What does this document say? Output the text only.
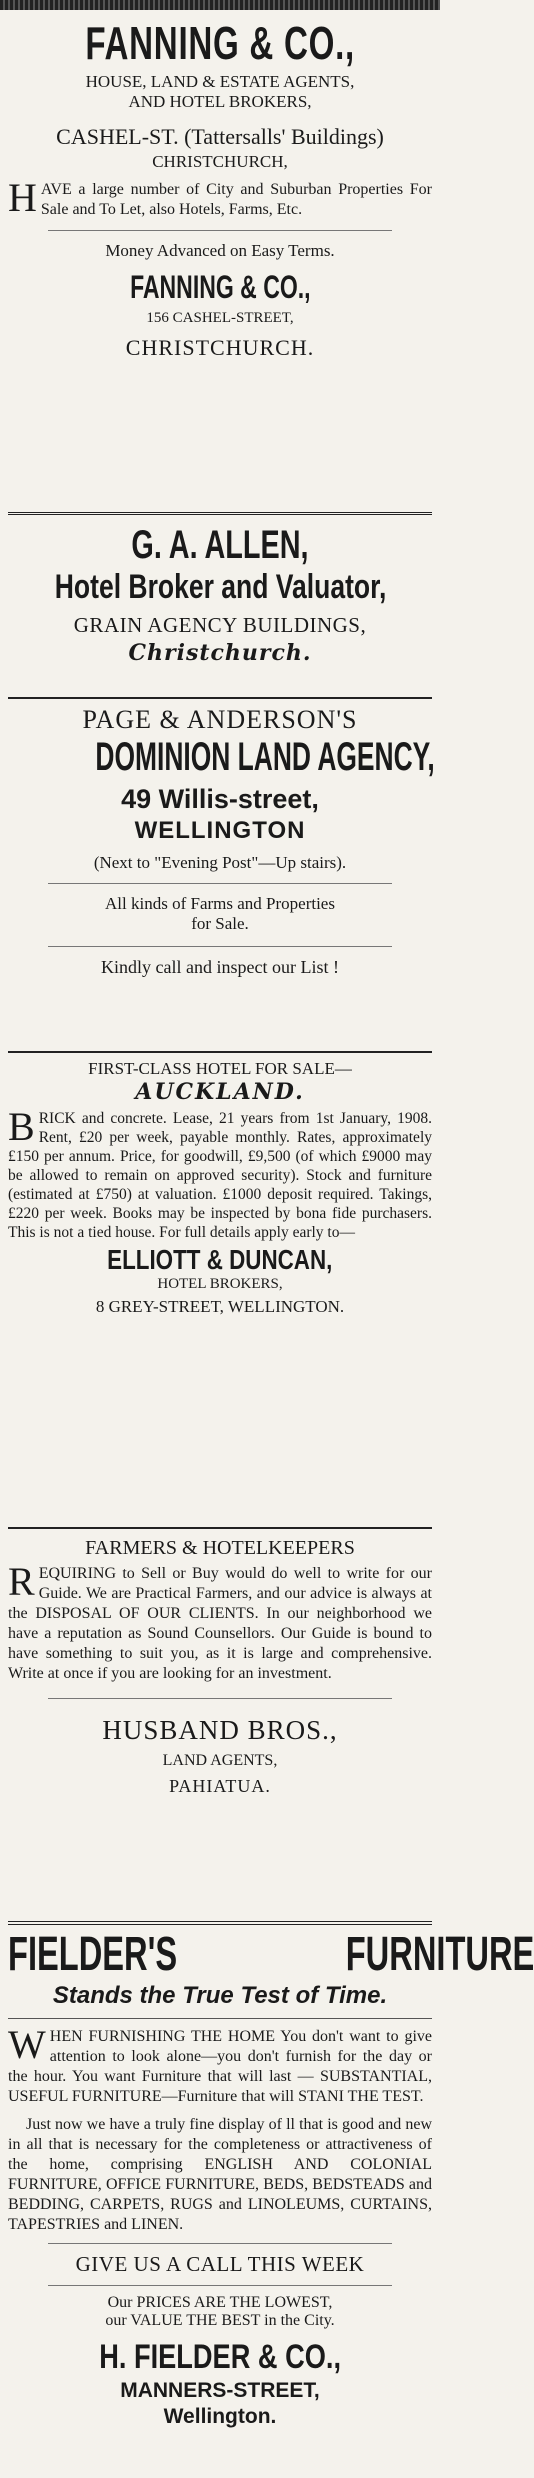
FANNING & CO.,
HOUSE, LAND & ESTATE AGENTS,
AND HOTEL BROKERS,
CASHEL-ST. (Tattersalls' Buildings)
CHRISTCHURCH,
HAVE a large number of City and Suburban Properties For Sale and To Let, also Hotels, Farms, Etc.
Money Advanced on Easy Terms.
FANNING & CO.,
156 CASHEL-STREET,
CHRISTCHURCH.
G. A. ALLEN,
Hotel Broker and Valuator,
GRAIN AGENCY BUILDINGS,
Christchurch.
PAGE & ANDERSON'S
DOMINION LAND AGENCY,
49 Willis-street,
WELLINGTON
(Next to "Evening Post"—Up stairs).
All kinds of Farms and Properties
for Sale.
Kindly call and inspect our List !
FIRST-CLASS HOTEL FOR SALE—
AUCKLAND.
BRICK and concrete. Lease, 21 years from 1st January, 1908. Rent, £20 per week, payable monthly. Rates, approximately £150 per annum. Price, for goodwill, £9,500 (of which £9000 may be allowed to remain on approved security). Stock and furniture (estimated at £750) at valuation. £1000 deposit required. Takings, £220 per week. Books may be inspected by bona fide purchasers. This is not a tied house. For full details apply early to—
ELLIOTT & DUNCAN,
HOTEL BROKERS,
8 GREY-STREET, WELLINGTON.
FARMERS & HOTELKEEPERS
REQUIRING to Sell or Buy would do well to write for our Guide. We are Practical Farmers, and our advice is always at the DISPOSAL OF OUR CLIENTS. In our neighborhood we have a reputation as Sound Counsellors. Our Guide is bound to have something to suit you, as it is large and comprehensive. Write at once if you are looking for an investment.
HUSBAND BROS.,
LAND AGENTS,
PAHIATUA.
FIELDER'S	FURNITURE
Stands the True Test of Time.
WHEN FURNISHING THE HOME You don't want to give attention to look alone—you don't furnish for the day or the hour. You want Furniture that will last — SUBSTANTIAL, USEFUL FURNITURE—Furniture that will STANI THE TEST.

Just now we have a truly fine display of ll that is good and new in all that is necessary for the completeness or attractiveness of the home, comprising ENGLISH AND COLONIAL FURNITURE, OFFICE FURNITURE, BEDS, BEDSTEADS and BEDDING, CARPETS, RUGS and LINOLEUMS, CURTAINS, TAPESTRIES and LINEN.

GIVE US A CALL THIS WEEK
Our PRICES ARE THE LOWEST,
our VALUE THE BEST in the City.
H. FIELDER & CO.,
MANNERS-STREET,
Wellington.
